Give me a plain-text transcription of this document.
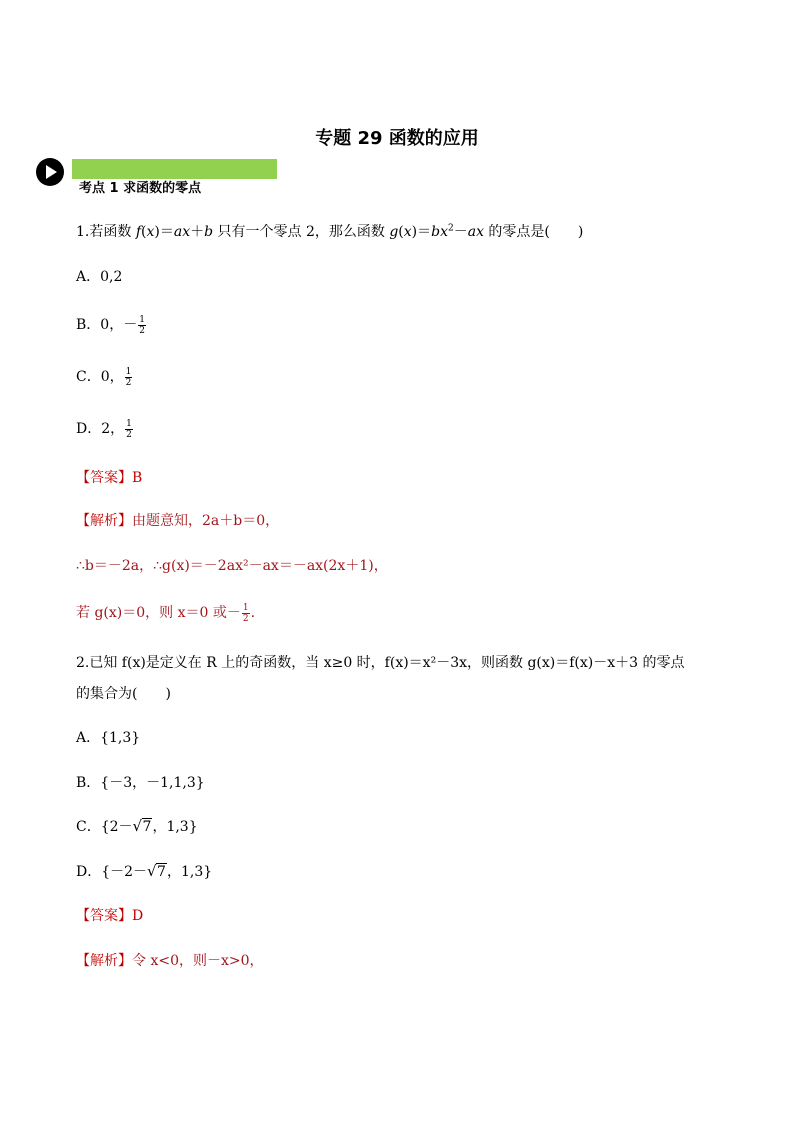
专题 29 函数的应用
考点 1 求函数的零点
1.若函数 f(x)＝ax＋b 只有一个零点 2，那么函数 $g(x)=bx^2-ax$ 的零点是(　　)
A．0,2
B．0，－ $\frac{1}{2}$
C．0， $\frac{1}{2}$
D．2， $\frac{1}{2}$
【答案】B
【解析】由题意知，2a＋b＝0，
∴b＝－2a，∴g(x)＝－2ax²－ax＝－ax(2x＋1)，
若 g(x)＝0，则 x＝0 或－ $\frac{1}{2}$ .
2.已知 f(x)是定义在 R 上的奇函数，当 x≥0 时，f(x)＝x²－3x，则函数 g(x)＝f(x)－x＋3 的零点
的集合为(　　)
A．{1,3}
B．{－3，－1,1,3}
C．{2－ √ 7，1,3}
D．{－2－ √ 7，1,3}
【答案】D
【解析】令 x<0，则－x>0，
